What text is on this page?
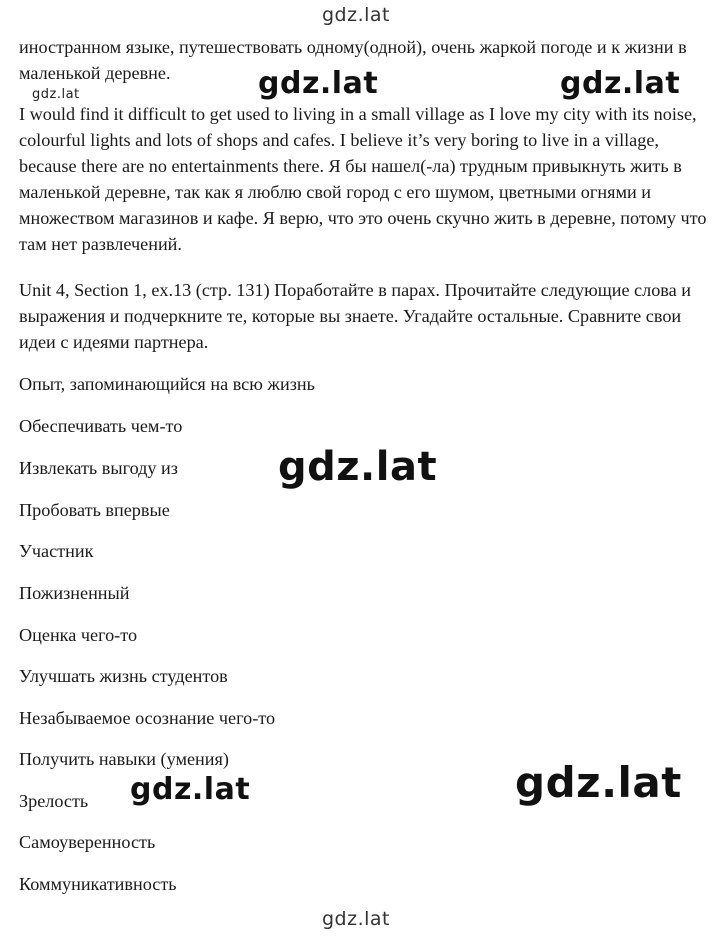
gdz.lat
gdz.lat

иностранном языке, путешествовать одному(одной), очень жаркой погоде и к жизни в маленькой деревне.

I would find it difficult to get used to living in a small village as I love my city with its noise, colourful lights and lots of shops and cafes. I believe it’s very boring to live in a village, because there are no entertainments there. Я бы нашел(-ла) трудным привыкнуть жить в маленькой деревне, так как я люблю свой город с его шумом, цветными огнями и множеством магазинов и кафе. Я верю, что это очень скучно жить в деревне, потому что там нет развлечений.

Unit 4, Section 1, ex.13 (стр. 131) Поработайте в парах. Прочитайте следующие слова и выражения и подчеркните те, которые вы знаете. Угадайте остальные. Сравните свои идеи с идеями партнера.

Опыт, запоминающийся на всю жизнь

Обеспечивать чем-то

Извлекать выгоду из

Пробовать впервые

Участник

Пожизненный

Оценка чего-то

Улучшать жизнь студентов

Незабываемое осознание чего-то

Получить навыки (умения)

Зрелость

Самоуверенность

Коммуникативность

gdz.lat	gdz.lat
gdz.lat
gdz.lat	gdz.lat
gdz.lat
